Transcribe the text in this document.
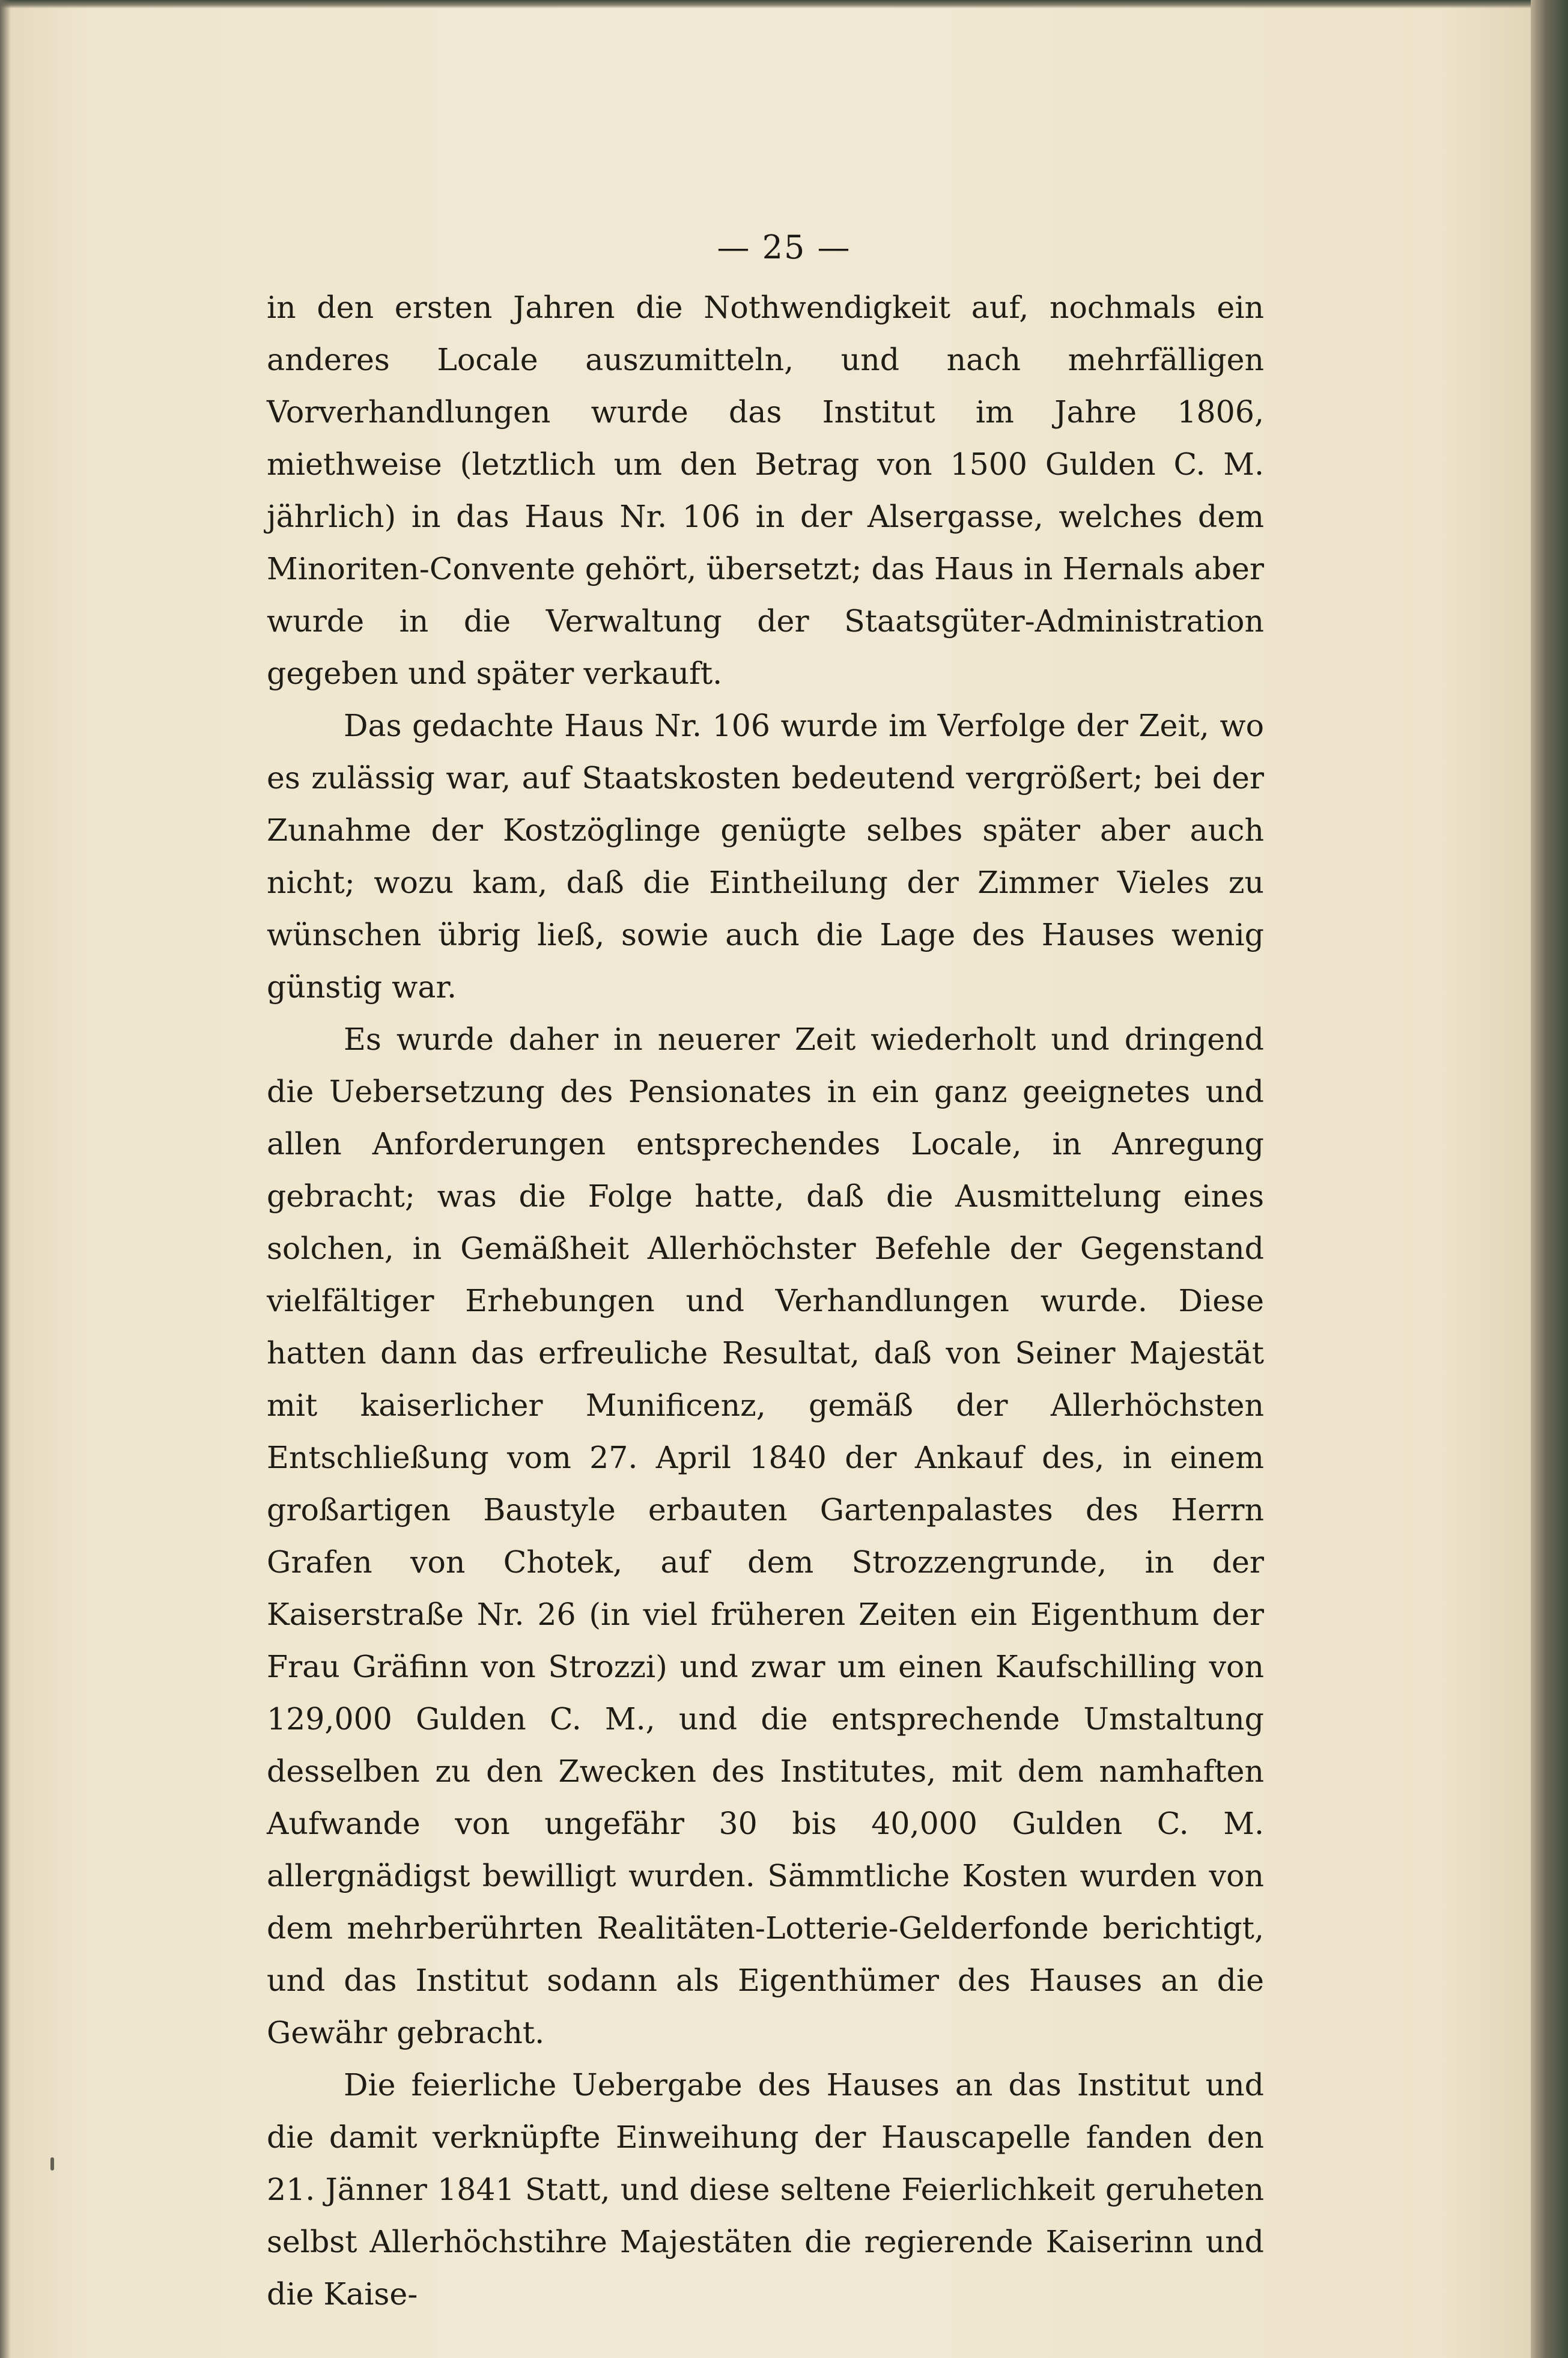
— 25 —

in den ersten Jahren die Nothwendigkeit auf, nochmals ein anderes Locale auszumitteln, und nach mehrfälligen Vorverhandlungen wurde das Institut im Jahre 1806, miethweise (letztlich um den Betrag von 1500 Gulden C. M. jährlich) in das Haus Nr. 106 in der Alsergasse, welches dem Minoriten-Convente gehört, übersetzt; das Haus in Hernals aber wurde in die Verwaltung der Staatsgüter-Administration gegeben und später verkauft.

Das gedachte Haus Nr. 106 wurde im Verfolge der Zeit, wo es zulässig war, auf Staatskosten bedeutend vergrößert; bei der Zunahme der Kostzöglinge genügte selbes später aber auch nicht; wozu kam, daß die Eintheilung der Zimmer Vieles zu wünschen übrig ließ, sowie auch die Lage des Hauses wenig günstig war.

Es wurde daher in neuerer Zeit wiederholt und dringend die Uebersetzung des Pensionates in ein ganz geeignetes und allen Anforderungen entsprechendes Locale, in Anregung gebracht; was die Folge hatte, daß die Ausmittelung eines solchen, in Gemäßheit Allerhöchster Befehle der Gegenstand vielfältiger Erhebungen und Verhandlungen wurde. Diese hatten dann das erfreuliche Resultat, daß von Seiner Majestät mit kaiserlicher Munificenz, gemäß der Allerhöchsten Entschließung vom 27. April 1840 der Ankauf des, in einem großartigen Baustyle erbauten Gartenpalastes des Herrn Grafen von Chotek, auf dem Strozzengrunde, in der Kaiserstraße Nr. 26 (in viel früheren Zeiten ein Eigenthum der Frau Gräfinn von Strozzi) und zwar um einen Kaufschilling von 129,000 Gulden C. M., und die entsprechende Umstaltung desselben zu den Zwecken des Institutes, mit dem namhaften Aufwande von ungefähr 30 bis 40,000 Gulden C. M. allergnädigst bewilligt wurden. Sämmtliche Kosten wurden von dem mehrberührten Realitäten-Lotterie-Gelderfonde berichtigt, und das Institut sodann als Eigenthümer des Hauses an die Gewähr gebracht.

Die feierliche Uebergabe des Hauses an das Institut und die damit verknüpfte Einweihung der Hauscapelle fanden den 21. Jänner 1841 Statt, und diese seltene Feierlichkeit geruheten selbst Allerhöchstihre Majestäten die regierende Kaiserinn und die Kaise-
